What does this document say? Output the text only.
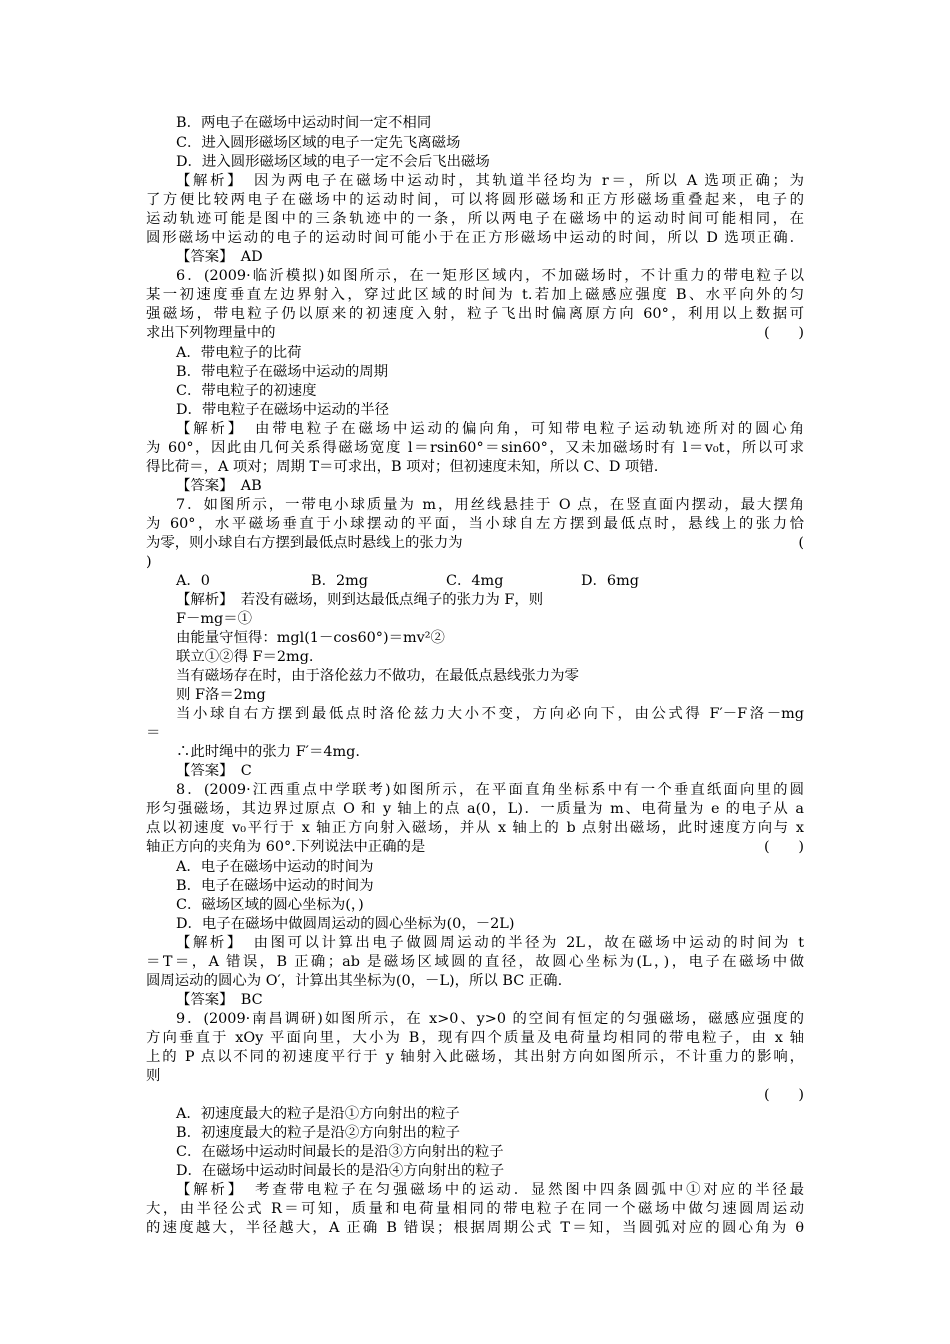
B．两电子在磁场中运动时间一定不相同
C．进入圆形磁场区域的电子一定先飞离磁场
D．进入圆形磁场区域的电子一定不会后飞出磁场
【解析】　因为两电子在磁场中运动时，其轨道半径均为 r＝，所以 A 选项正确；为
了方便比较两电子在磁场中的运动时间，可以将圆形磁场和正方形磁场重叠起来，电子的
运动轨迹可能是图中的三条轨迹中的一条，所以两电子在磁场中的运动时间可能相同，在
圆形磁场中运动的电子的运动时间可能小于在正方形磁场中运动的时间，所以 D 选项正确．
【答案】　AD
6．(2009·临沂模拟)如图所示，在一矩形区域内，不加磁场时，不计重力的带电粒子以
某一初速度垂直左边界射入，穿过此区域的时间为 t.若加上磁感应强度 B、水平向外的匀
强磁场，带电粒子仍以原来的初速度入射，粒子飞出时偏离原方向 60°，利用以上数据可
求出下列物理量中的	(　　)
A．带电粒子的比荷
B．带电粒子在磁场中运动的周期
C．带电粒子的初速度
D．带电粒子在磁场中运动的半径
【解析】　由带电粒子在磁场中运动的偏向角，可知带电粒子运动轨迹所对的圆心角
为 60°，因此由几何关系得磁场宽度 l＝rsin60°＝sin60°，又未加磁场时有 l＝v₀t，所以可求
得比荷＝，A 项对；周期 T＝可求出，B 项对；但初速度未知，所以 C、D 项错.
【答案】　AB
7．如图所示，一带电小球质量为 m，用丝线悬挂于 O 点，在竖直面内摆动，最大摆角
为 60°，水平磁场垂直于小球摆动的平面，当小球自左方摆到最低点时，悬线上的张力恰
为零，则小球自右方摆到最低点时悬线上的张力为	(
)
A．0	B．2mg	C．4mg	D．6mg
【解析】　若没有磁场，则到达最低点绳子的张力为 F，则
F－mg＝①
由能量守恒得：mgl(1－cos60°)＝mv²②
联立①②得 F＝2mg.
当有磁场存在时，由于洛伦兹力不做功，在最低点悬线张力为零
则 F洛＝2mg
当小球自右方摆到最低点时洛伦兹力大小不变，方向必向下，由公式得 F′－F洛－mg
＝
∴此时绳中的张力 F′＝4mg.
【答案】　C
8．(2009·江西重点中学联考)如图所示，在平面直角坐标系中有一个垂直纸面向里的圆
形匀强磁场，其边界过原点 O 和 y 轴上的点 a(0，L)．一质量为 m、电荷量为 e 的电子从 a
点以初速度 v₀平行于 x 轴正方向射入磁场，并从 x 轴上的 b 点射出磁场，此时速度方向与 x
轴正方向的夹角为 60°.下列说法中正确的是	(　　)
A．电子在磁场中运动的时间为
B．电子在磁场中运动的时间为
C．磁场区域的圆心坐标为(，)
D．电子在磁场中做圆周运动的圆心坐标为(0，－2L)
【解析】　由图可以计算出电子做圆周运动的半径为 2L，故在磁场中运动的时间为 t
＝T＝，A 错误，B 正确；ab 是磁场区域圆的直径，故圆心坐标为(L，)，电子在磁场中做
圆周运动的圆心为 O′，计算出其坐标为(0，－L)，所以 BC 正确.
【答案】　BC
9．(2009·南昌调研)如图所示，在 x>0、y>0 的空间有恒定的匀强磁场，磁感应强度的
方向垂直于 xOy 平面向里，大小为 B，现有四个质量及电荷量均相同的带电粒子，由 x 轴
上的 P 点以不同的初速度平行于 y 轴射入此磁场，其出射方向如图所示，不计重力的影响，
则
(　　)
A．初速度最大的粒子是沿①方向射出的粒子
B．初速度最大的粒子是沿②方向射出的粒子
C．在磁场中运动时间最长的是沿③方向射出的粒子
D．在磁场中运动时间最长的是沿④方向射出的粒子
【解析】　考查带电粒子在匀强磁场中的运动．显然图中四条圆弧中①对应的半径最
大，由半径公式 R＝可知，质量和电荷量相同的带电粒子在同一个磁场中做匀速圆周运动
的速度越大，半径越大，A 正确 B 错误；根据周期公式 T＝知，当圆弧对应的圆心角为 θ
